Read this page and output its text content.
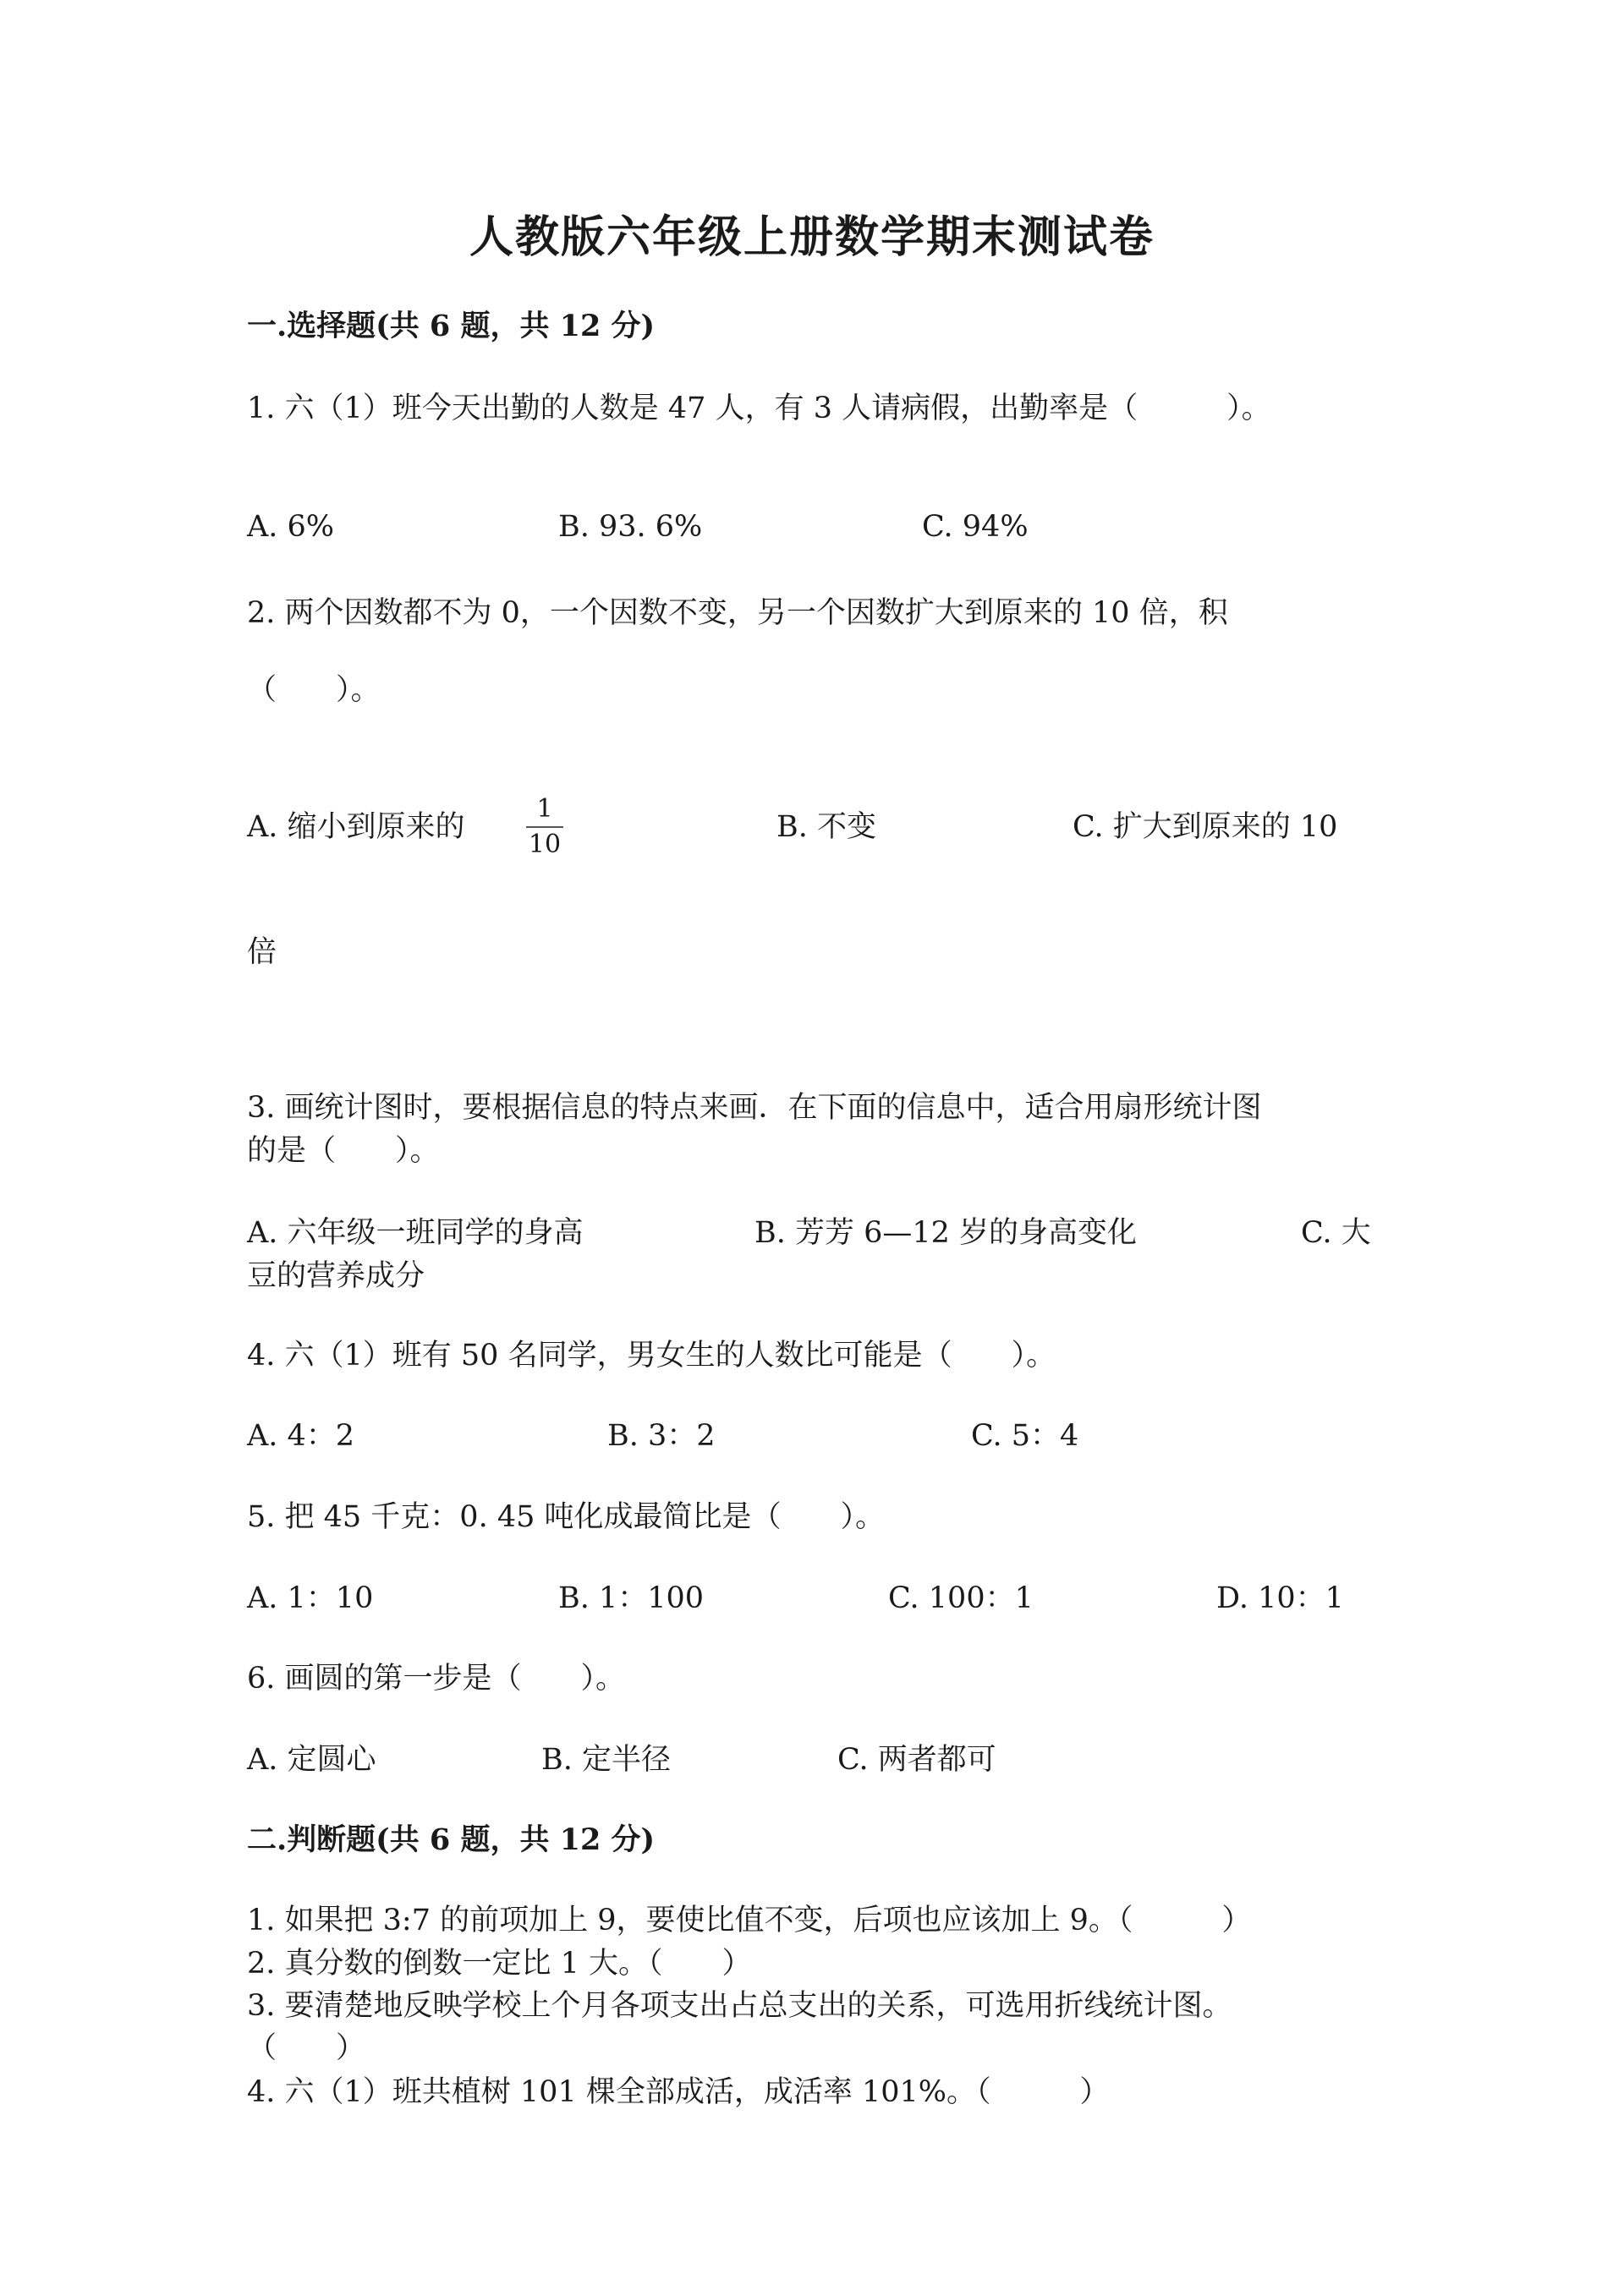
人教版六年级上册数学期末测试卷
一.选择题(共 6 题，共 12 分)
1. 六（1）班今天出勤的人数是 47 人，有 3 人请病假，出勤率是（　　　）。
A. 6%	B. 93. 6%	C. 94%
2. 两个因数都不为 0，一个因数不变，另一个因数扩大到原来的 10 倍，积
（　　）。
A. 缩小到原来的
1
10
B. 不变	C. 扩大到原来的 10
倍
3. 画统计图时，要根据信息的特点来画．在下面的信息中，适合用扇形统计图
的是（　　）。
A. 六年级一班同学的身高	B. 芳芳 6—12 岁的身高变化	C. 大
豆的营养成分
4. 六（1）班有 50 名同学，男女生的人数比可能是（　　）。
A. 4：2	B. 3：2	C. 5：4
5. 把 45 千克：0. 45 吨化成最简比是（　　）。
A. 1：10	B. 1：100	C. 100：1	D. 10：1
6. 画圆的第一步是（　　）。
A. 定圆心	B. 定半径	C. 两者都可
二.判断题(共 6 题，共 12 分)
1. 如果把 3:7 的前项加上 9，要使比值不变，后项也应该加上 9。（　　　）
2. 真分数的倒数一定比 1 大。（　　）
3. 要清楚地反映学校上个月各项支出占总支出的关系，可选用折线统计图。
（　　）
4. 六（1）班共植树 101 棵全部成活，成活率 101%。（　　　）
